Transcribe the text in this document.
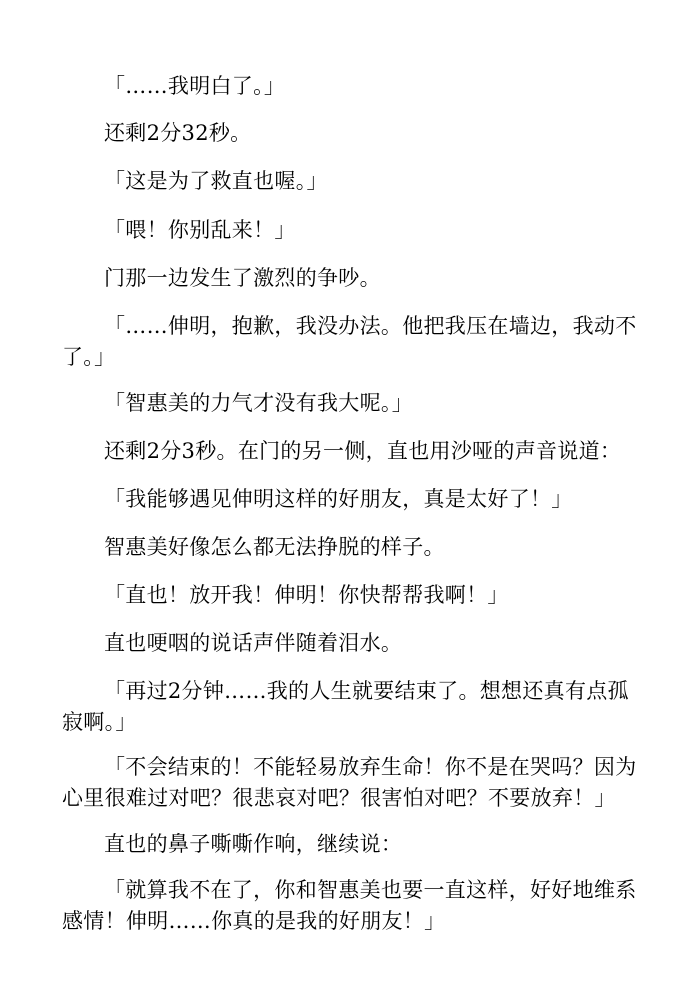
「……我明白了。」

还剩2分32秒。

「这是为了救直也喔。」

「喂！你别乱来！」

门那一边发生了激烈的争吵。

「……伸明，抱歉，我没办法。他把我压在墙边，我动不了。」

「智惠美的力气才没有我大呢。」

还剩2分3秒。在门的另一侧，直也用沙哑的声音说道：

「我能够遇见伸明这样的好朋友，真是太好了！」

智惠美好像怎么都无法挣脱的样子。

「直也！放开我！伸明！你快帮帮我啊！」

直也哽咽的说话声伴随着泪水。

「再过2分钟……我的人生就要结束了。想想还真有点孤寂啊。」

「不会结束的！不能轻易放弃生命！你不是在哭吗？因为心里很难过对吧？很悲哀对吧？很害怕对吧？不要放弃！」

直也的鼻子嘶嘶作响，继续说：

「就算我不在了，你和智惠美也要一直这样，好好地维系感情！伸明……你真的是我的好朋友！」
